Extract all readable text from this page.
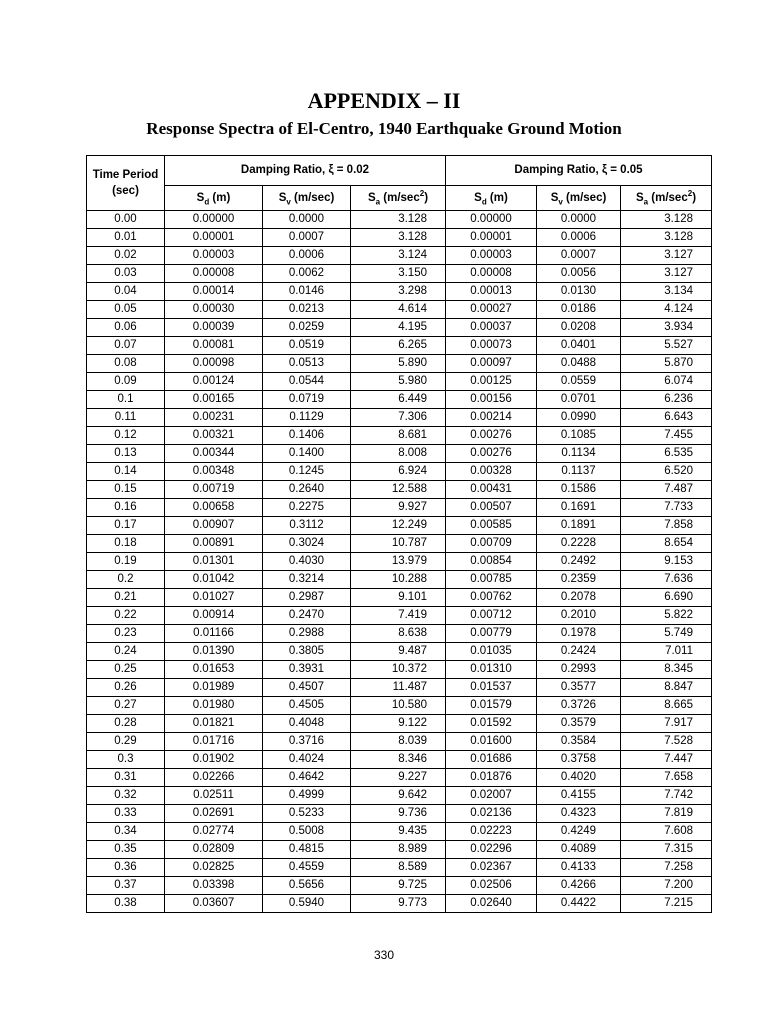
APPENDIX – II
Response Spectra of El-Centro, 1940 Earthquake Ground Motion
Time Period (sec)	Damping Ratio, ξ = 0.02			Damping Ratio, ξ = 0.05		
	$S_d$ (m)	$S_v$ (m/sec)	$S_a$ $(m/\sec^2)$	$S_d$ (m)	$S_v$ (m/sec)	$S_a$ $(m/\sec^2)$
0.00	0.00000	0.0000	3.128	0.00000	0.0000	3.128
0.01	0.00001	0.0007	3.128	0.00001	0.0006	3.128
0.02	0.00003	0.0006	3.124	0.00003	0.0007	3.127
0.03	0.00008	0.0062	3.150	0.00008	0.0056	3.127
0.04	0.00014	0.0146	3.298	0.00013	0.0130	3.134
0.05	0.00030	0.0213	4.614	0.00027	0.0186	4.124
0.06	0.00039	0.0259	4.195	0.00037	0.0208	3.934
0.07	0.00081	0.0519	6.265	0.00073	0.0401	5.527
0.08	0.00098	0.0513	5.890	0.00097	0.0488	5.870
0.09	0.00124	0.0544	5.980	0.00125	0.0559	6.074
0.1	0.00165	0.0719	6.449	0.00156	0.0701	6.236
0.11	0.00231	0.1129	7.306	0.00214	0.0990	6.643
0.12	0.00321	0.1406	8.681	0.00276	0.1085	7.455
0.13	0.00344	0.1400	8.008	0.00276	0.1134	6.535
0.14	0.00348	0.1245	6.924	0.00328	0.1137	6.520
0.15	0.00719	0.2640	12.588	0.00431	0.1586	7.487
0.16	0.00658	0.2275	9.927	0.00507	0.1691	7.733
0.17	0.00907	0.3112	12.249	0.00585	0.1891	7.858
0.18	0.00891	0.3024	10.787	0.00709	0.2228	8.654
0.19	0.01301	0.4030	13.979	0.00854	0.2492	9.153
0.2	0.01042	0.3214	10.288	0.00785	0.2359	7.636
0.21	0.01027	0.2987	9.101	0.00762	0.2078	6.690
0.22	0.00914	0.2470	7.419	0.00712	0.2010	5.822
0.23	0.01166	0.2988	8.638	0.00779	0.1978	5.749
0.24	0.01390	0.3805	9.487	0.01035	0.2424	7.011
0.25	0.01653	0.3931	10.372	0.01310	0.2993	8.345
0.26	0.01989	0.4507	11.487	0.01537	0.3577	8.847
0.27	0.01980	0.4505	10.580	0.01579	0.3726	8.665
0.28	0.01821	0.4048	9.122	0.01592	0.3579	7.917
0.29	0.01716	0.3716	8.039	0.01600	0.3584	7.528
0.3	0.01902	0.4024	8.346	0.01686	0.3758	7.447
0.31	0.02266	0.4642	9.227	0.01876	0.4020	7.658
0.32	0.02511	0.4999	9.642	0.02007	0.4155	7.742
0.33	0.02691	0.5233	9.736	0.02136	0.4323	7.819
0.34	0.02774	0.5008	9.435	0.02223	0.4249	7.608
0.35	0.02809	0.4815	8.989	0.02296	0.4089	7.315
0.36	0.02825	0.4559	8.589	0.02367	0.4133	7.258
0.37	0.03398	0.5656	9.725	0.02506	0.4266	7.200
0.38	0.03607	0.5940	9.773	0.02640	0.4422	7.215
330
